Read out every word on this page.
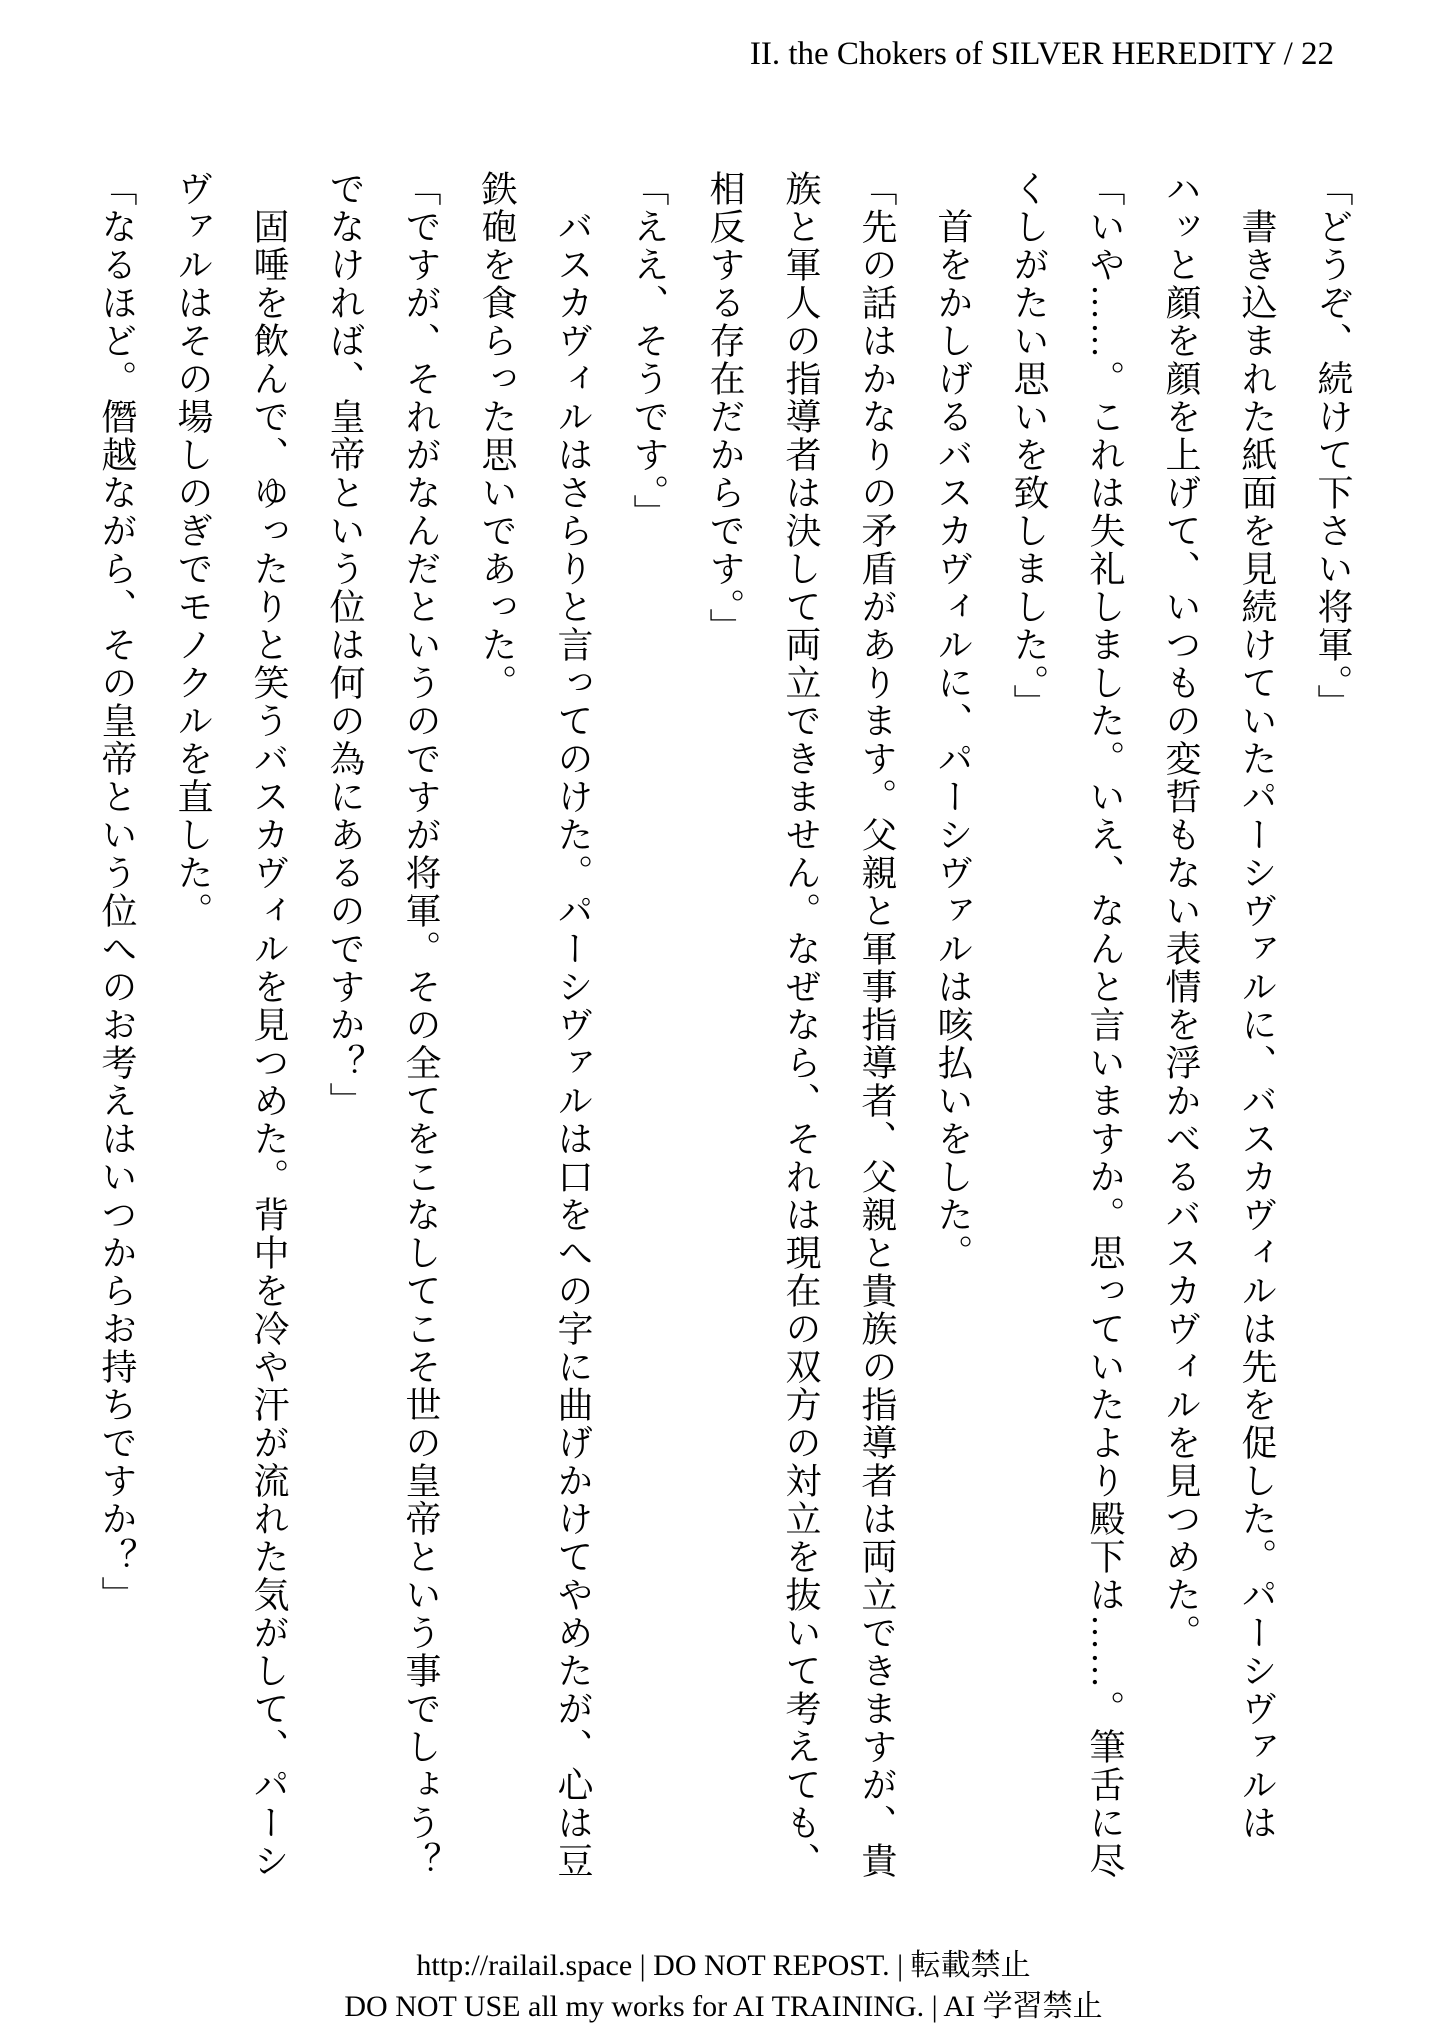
II. the Chokers of SILVER HEREDITY / 22
「どうぞ、続けて下さい将軍。」
書き込まれた紙面を見続けていたパーシヴァルに、バスカヴィルは先を促した。パーシヴァルは
ハッと顔を顔を上げて、いつもの変哲もない表情を浮かべるバスカヴィルを見つめた。
「いや……。これは失礼しました。いえ、なんと言いますか。思っていたより殿下は……。筆舌に尽
くしがたい思いを致しました。」
首をかしげるバスカヴィルに、パーシヴァルは咳払いをした。
「先の話はかなりの矛盾があります。父親と軍事指導者、父親と貴族の指導者は両立できますが、貴
族と軍人の指導者は決して両立できません。なぜなら、それは現在の双方の対立を抜いて考えても、
相反する存在だからです。」
「ええ、そうです。」
バスカヴィルはさらりと言ってのけた。パーシヴァルは口をへの字に曲げかけてやめたが、心は豆
鉄砲を食らった思いであった。
「ですが、それがなんだというのですが将軍。その全てをこなしてこそ世の皇帝という事でしょう？
でなければ、皇帝という位は何の為にあるのですか？」
固唾を飲んで、ゆったりと笑うバスカヴィルを見つめた。背中を冷や汗が流れた気がして、パーシ
ヴァルはその場しのぎでモノクルを直した。
「なるほど。僭越ながら、その皇帝という位へのお考えはいつからお持ちですか？」
http://railail.space | DO NOT REPOST. | 転載禁止
DO NOT USE all my works for AI TRAINING. | AI 学習禁止
